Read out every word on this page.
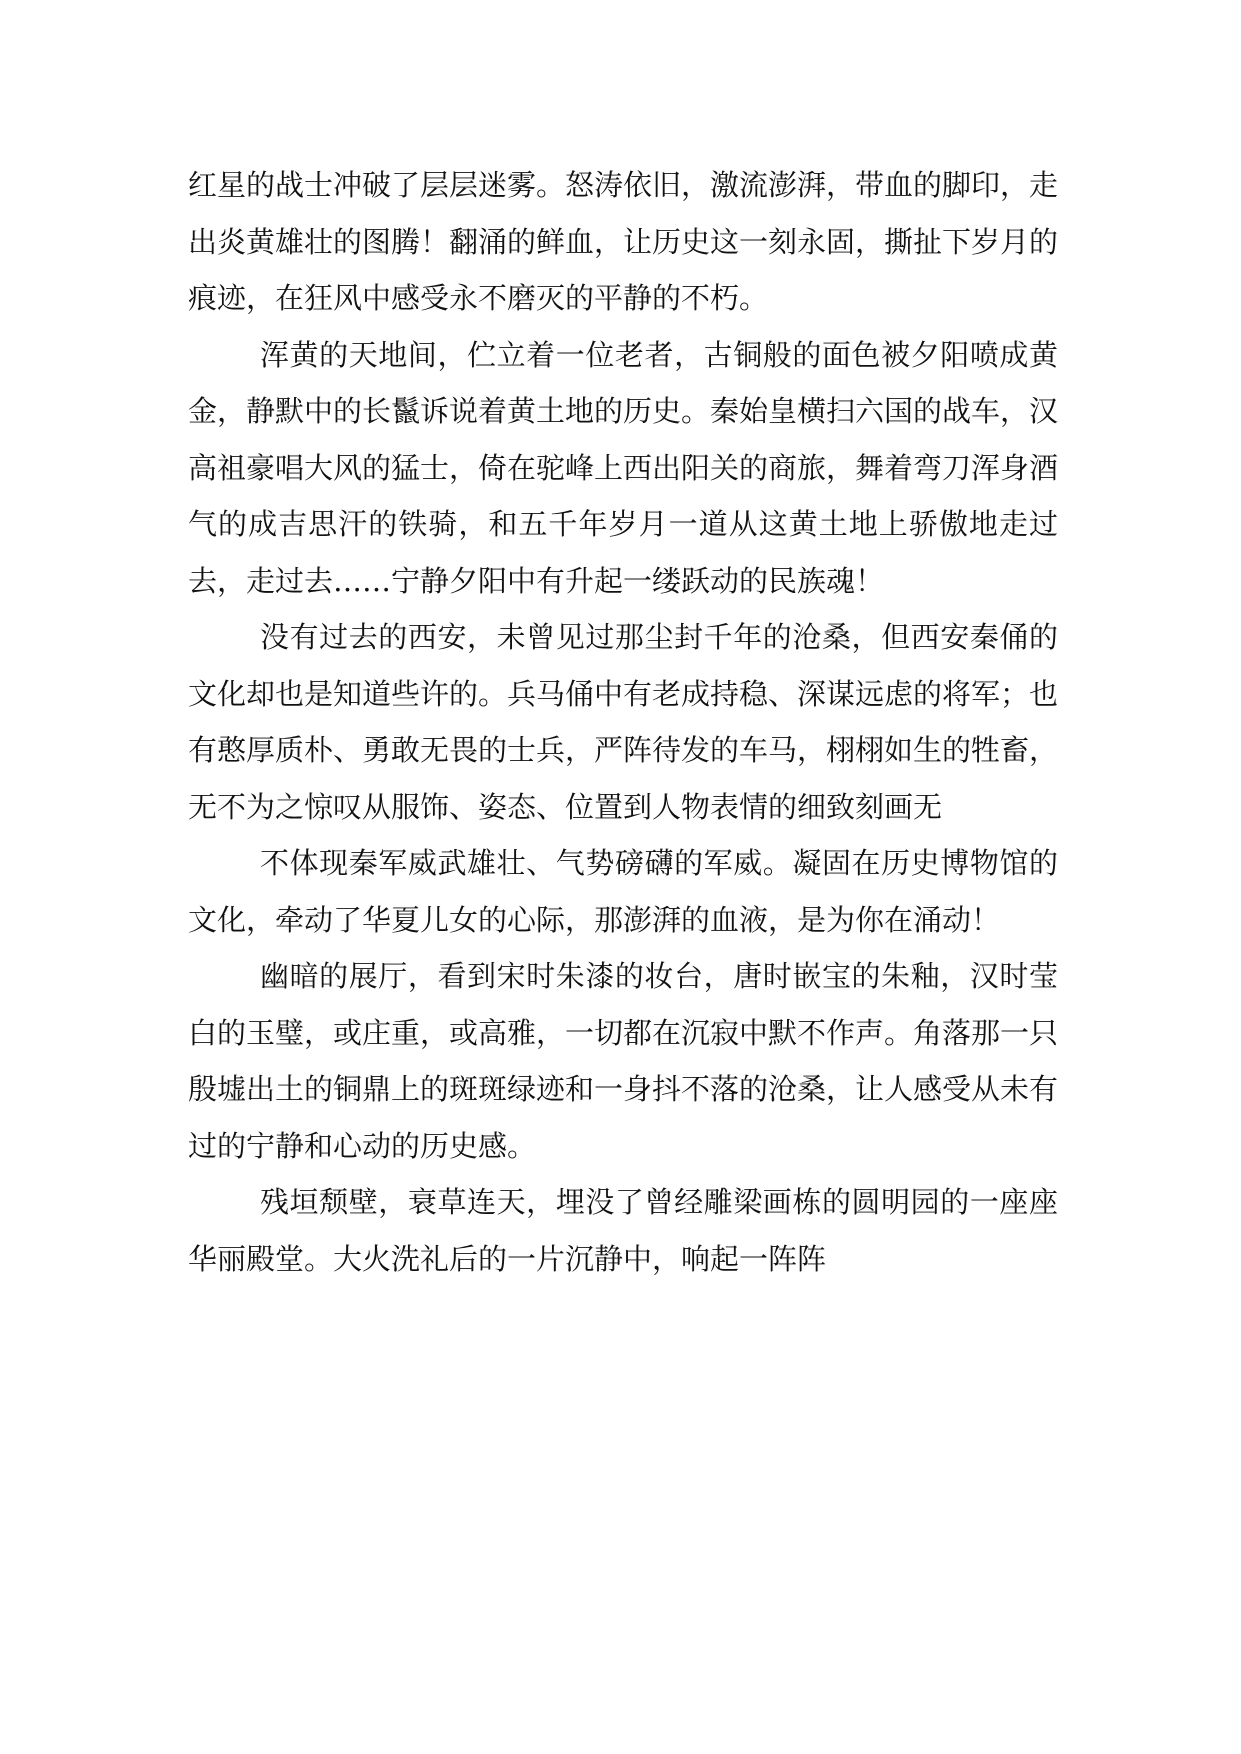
红星的战士冲破了层层迷雾。怒涛依旧，激流澎湃，带血的脚印，走出炎黄雄壮的图腾！翻涌的鲜血，让历史这一刻永固，撕扯下岁月的痕迹，在狂风中感受永不磨灭的平静的不朽。

浑黄的天地间，伫立着一位老者，古铜般的面色被夕阳喷成黄金，静默中的长鬣诉说着黄土地的历史。秦始皇横扫六国的战车，汉高祖豪唱大风的猛士，倚在驼峰上西出阳关的商旅，舞着弯刀浑身酒气的成吉思汗的铁骑，和五千年岁月一道从这黄土地上骄傲地走过去，走过去……宁静夕阳中有升起一缕跃动的民族魂！

没有过去的西安，未曾见过那尘封千年的沧桑，但西安秦俑的文化却也是知道些许的。兵马俑中有老成持稳、深谋远虑的将军；也有憨厚质朴、勇敢无畏的士兵，严阵待发的车马，栩栩如生的牲畜，无不为之惊叹从服饰、姿态、位置到人物表情的细致刻画无

不体现秦军威武雄壮、气势磅礴的军威。凝固在历史博物馆的文化，牵动了华夏儿女的心际，那澎湃的血液，是为你在涌动！

幽暗的展厅，看到宋时朱漆的妆台，唐时嵌宝的朱釉，汉时莹白的玉璧，或庄重，或高雅，一切都在沉寂中默不作声。角落那一只殷墟出土的铜鼎上的斑斑绿迹和一身抖不落的沧桑，让人感受从未有过的宁静和心动的历史感。

残垣颓壁，衰草连天，埋没了曾经雕梁画栋的圆明园的一座座华丽殿堂。大火洗礼后的一片沉静中，响起一阵阵
